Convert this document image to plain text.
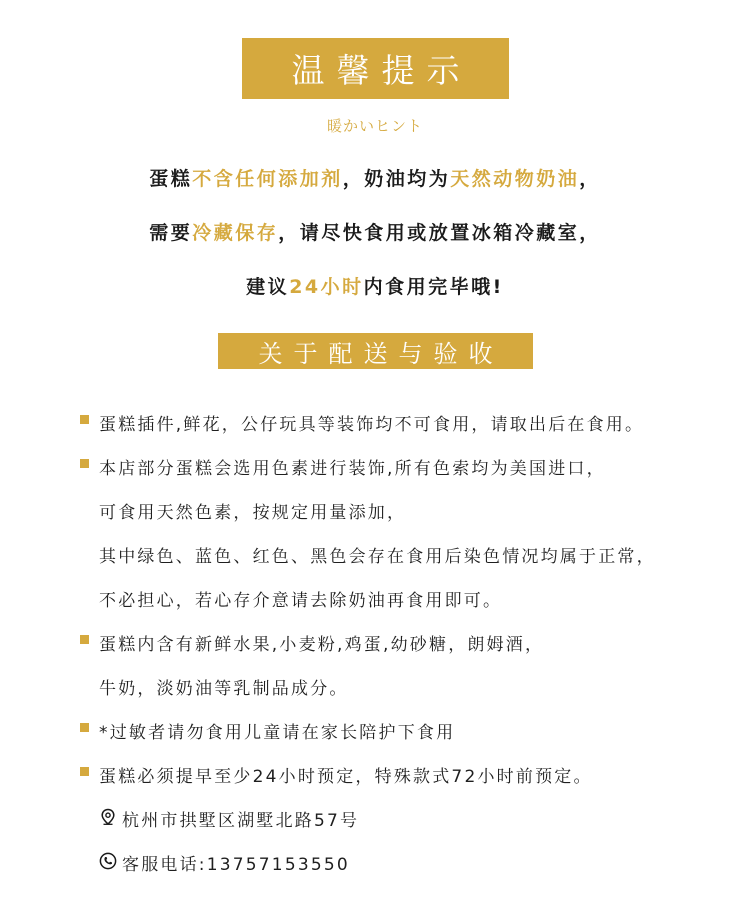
温馨提示
暖かいヒント
蛋糕不含任何添加剂，奶油均为天然动物奶油，
需要冷藏保存，请尽快食用或放置冰箱冷藏室，
建议24小时内食用完毕哦!
关于配送与验收
蛋糕插件,鲜花，公仔玩具等装饰均不可食用，请取出后在食用。
本店部分蛋糕会选用色素进行装饰,所有色索均为美国进口，
可食用天然色素，按规定用量添加，
其中绿色、蓝色、红色、黑色会存在食用后染色情况均属于正常，
不必担心，若心存介意请去除奶油再食用即可。
蛋糕内含有新鲜水果,小麦粉,鸡蛋,幼砂糖，朗姆酒，
牛奶，淡奶油等乳制品成分。
*过敏者请勿食用儿童请在家长陪护下食用
蛋糕必须提早至少24小时预定，特殊款式72小时前预定。
杭州市拱墅区湖墅北路57号
客服电话:13757153550
